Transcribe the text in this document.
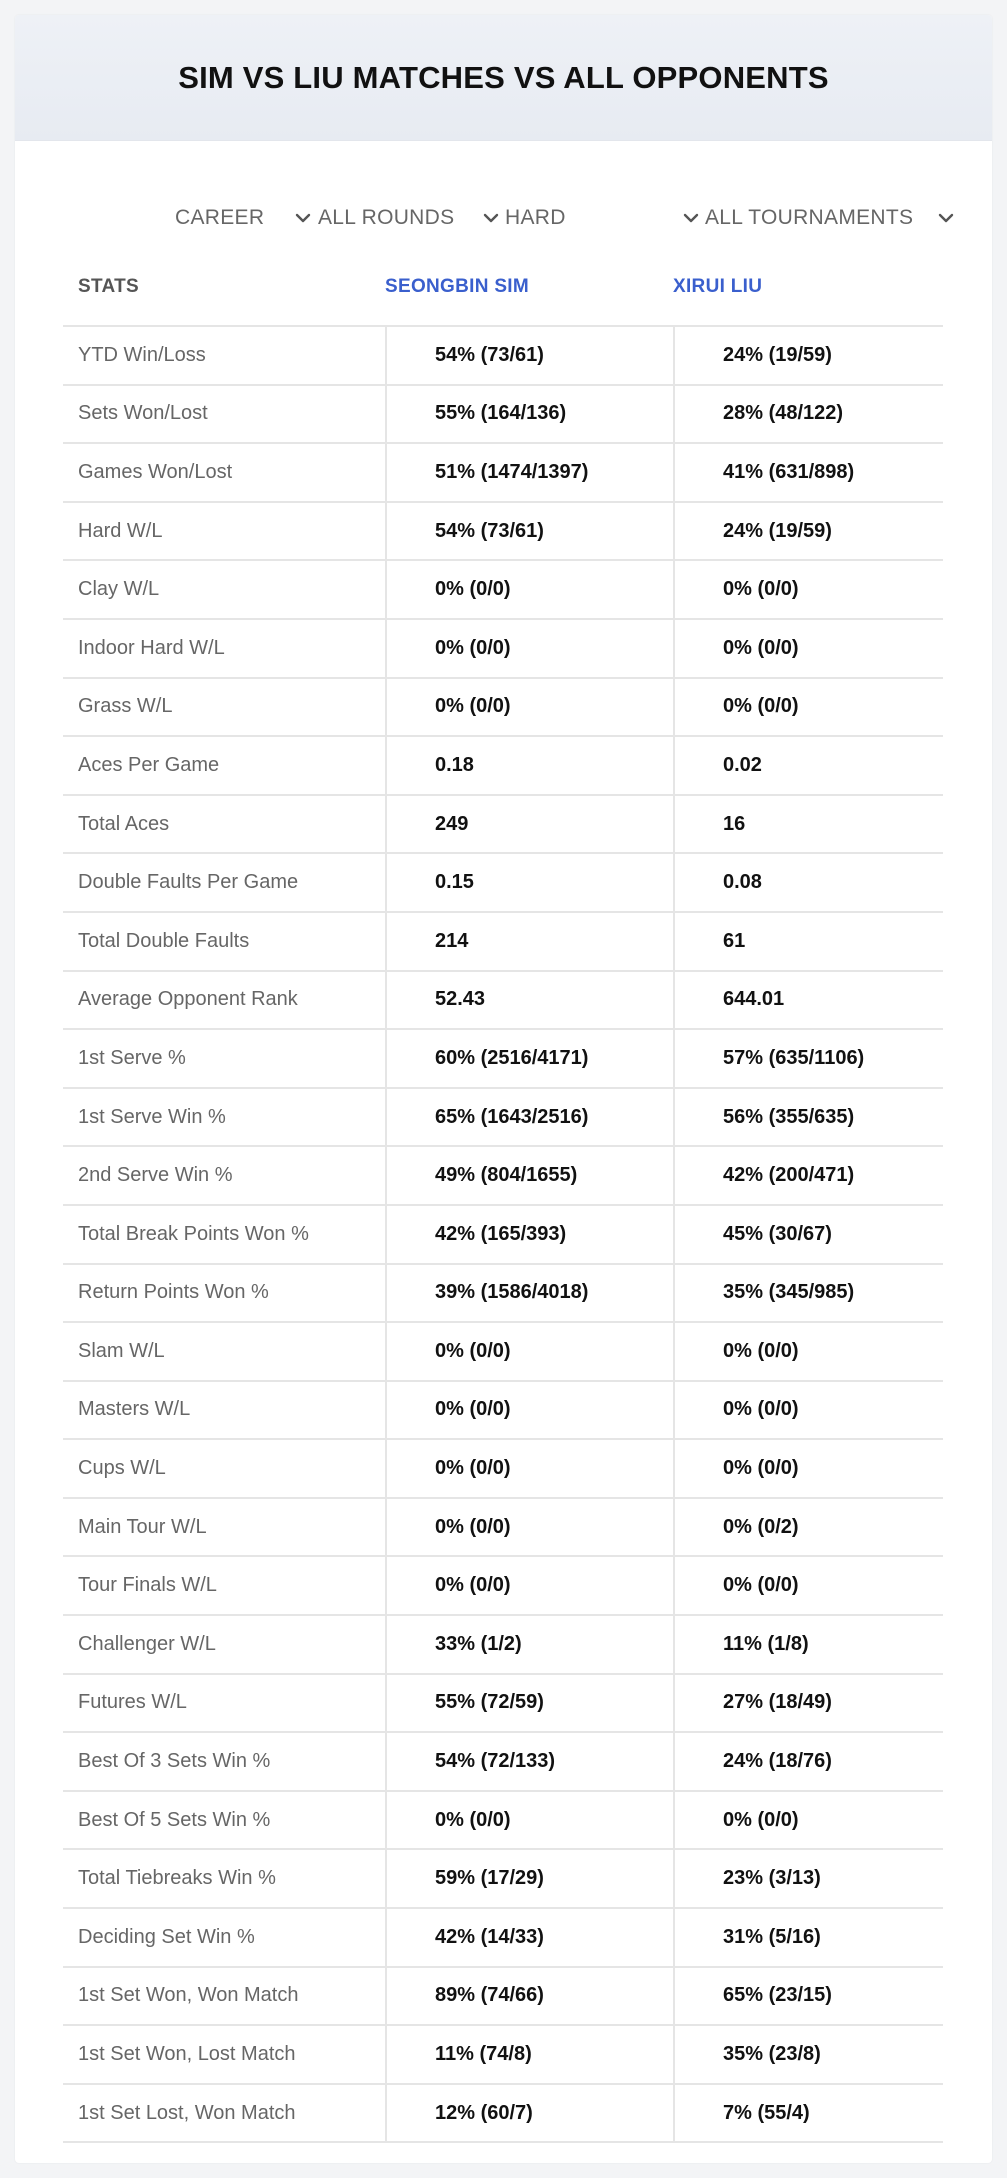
SIM VS LIU MATCHES VS ALL OPPONENTS
CAREER	ALL ROUNDS HARD	ALL TOURNAMENTS
STATS	SEONGBIN SIM	XIRUI LIU
YTD Win/Loss	54% (73/61)	24% (19/59)
Sets Won/Lost	55% (164/136)	28% (48/122)
Games Won/Lost	51% (1474/1397)	41% (631/898)
Hard W/L	54% (73/61)	24% (19/59)
Clay W/L	0% (0/0)	0% (0/0)
Indoor Hard W/L	0% (0/0)	0% (0/0)
Grass W/L	0% (0/0)	0% (0/0)
Aces Per Game	0.18	0.02
Total Aces	249	16
Double Faults Per Game	0.15	0.08
Total Double Faults	214	61
Average Opponent Rank	52.43	644.01
1st Serve %	60% (2516/4171)	57% (635/1106)
1st Serve Win %	65% (1643/2516)	56% (355/635)
2nd Serve Win %	49% (804/1655)	42% (200/471)
Total Break Points Won %	42% (165/393)	45% (30/67)
Return Points Won %	39% (1586/4018)	35% (345/985)
Slam W/L	0% (0/0)	0% (0/0)
Masters W/L	0% (0/0)	0% (0/0)
Cups W/L	0% (0/0)	0% (0/0)
Main Tour W/L	0% (0/0)	0% (0/2)
Tour Finals W/L	0% (0/0)	0% (0/0)
Challenger W/L	33% (1/2)	11% (1/8)
Futures W/L	55% (72/59)	27% (18/49)
Best Of 3 Sets Win %	54% (72/133)	24% (18/76)
Best Of 5 Sets Win %	0% (0/0)	0% (0/0)
Total Tiebreaks Win %	59% (17/29)	23% (3/13)
Deciding Set Win %	42% (14/33)	31% (5/16)
1st Set Won, Won Match	89% (74/66)	65% (23/15)
1st Set Won, Lost Match	11% (74/8)	35% (23/8)
1st Set Lost, Won Match	12% (60/7)	7% (55/4)
